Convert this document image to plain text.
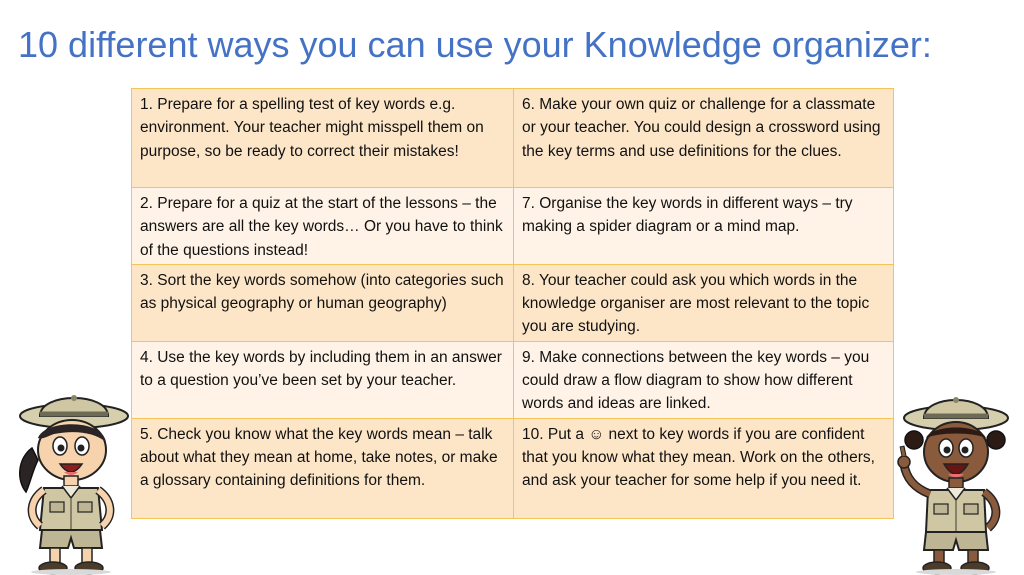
10 different ways you can use your Knowledge organizer:
1. Prepare for a spelling test of key words e.g. environment. Your teacher might misspell them on purpose, so be ready to correct their mistakes!	6. Make your own quiz or challenge for a classmate or your teacher. You could design a crossword using the key terms and use definitions for the clues.
2. Prepare for a quiz at the start of the lessons – the answers are all the key words… Or you have to think of the questions instead!	7. Organise the key words in different ways – try making a spider diagram or a mind map.
3. Sort the key words somehow (into categories such as physical geography or human geography)	8. Your teacher could ask you which words in the knowledge organiser are most relevant to the topic you are studying.
4. Use the key words by including them in an answer to a question you’ve been set by your teacher.	9. Make connections between the key words – you could draw a flow diagram to show how different words and ideas are linked.
5. Check you know what the key words mean – talk about what they mean at home, take notes, or make a glossary containing definitions for them.	10. Put a ☺ next to key words if you are confident that you know what they mean. Work on the others, and ask your teacher for some help if you need it.
